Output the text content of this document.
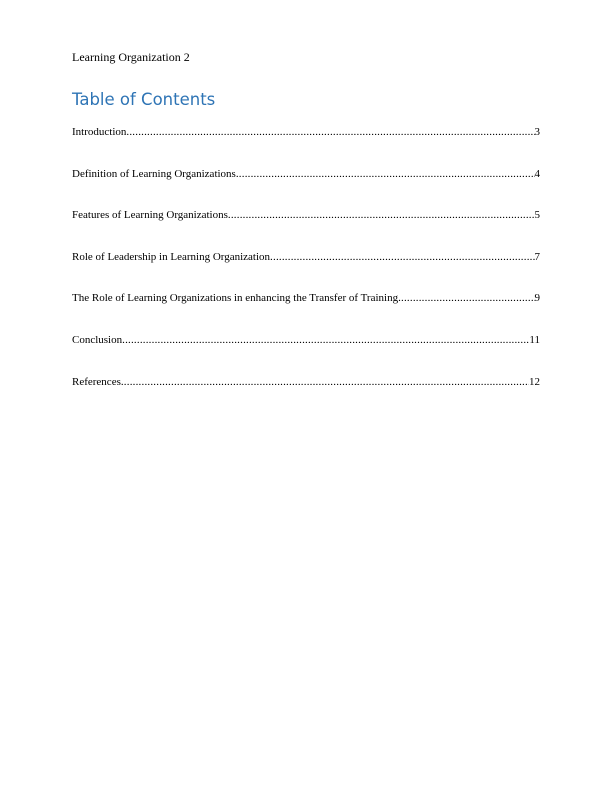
Learning Organization 2
Table of Contents
Introduction .....	3
Definition of Learning Organizations .....	4
Features of Learning Organizations .....	5
Role of Leadership in Learning Organization .....	7
The Role of Learning Organizations in enhancing the Transfer of Training .....	9
Conclusion .....	11
References .....	12
